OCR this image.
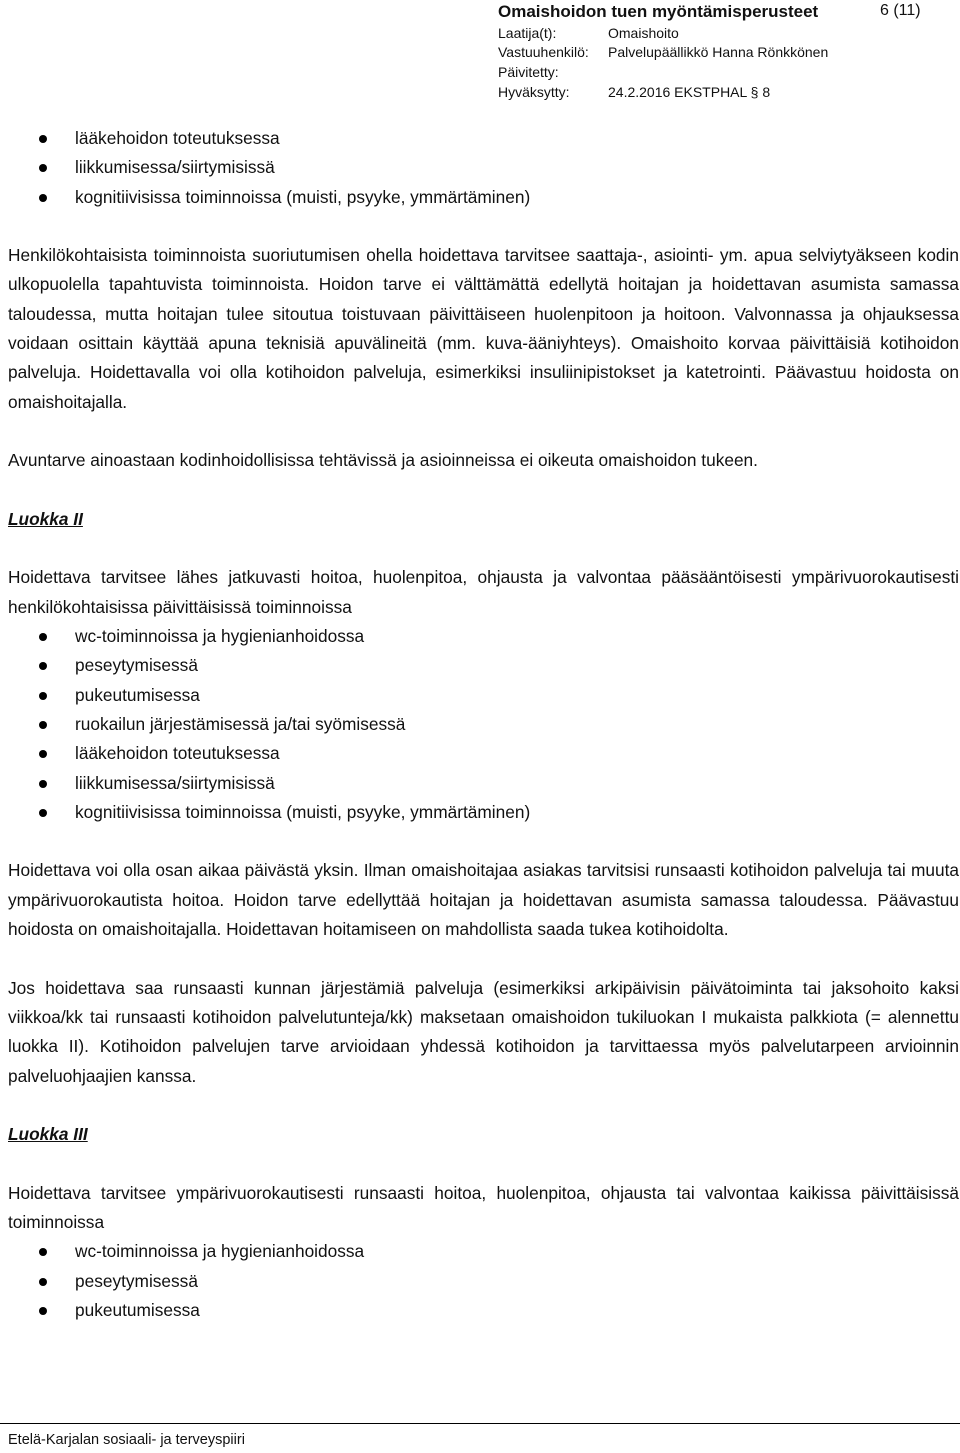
Omaishoidon tuen myöntämisperusteet	6 (11)
Laatija(t):	Omaishoito
Vastuuhenkilö: Palvelupäällikkö Hanna Rönkkönen
Päivitetty:
Hyväksytty:	24.2.2016 EKSTPHAL § 8
lääkehoidon toteutuksessa
liikkumisessa/siirtymisissä
kognitiivisissa toiminnoissa (muisti, psyyke, ymmärtäminen)

Henkilökohtaisista toiminnoista suoriutumisen ohella hoidettava tarvitsee saattaja-, asiointi- ym. apua selviytyäkseen kodin ulkopuolella tapahtuvista toiminnoista. Hoidon tarve ei välttämättä edellytä hoitajan ja hoidettavan asumista samassa taloudessa, mutta hoitajan tulee sitoutua toistuvaan päivittäiseen huolenpitoon ja hoitoon. Valvonnassa ja ohjauksessa voidaan osittain käyttää apuna teknisiä apuvälineitä (mm. kuva-ääniyhteys). Omaishoito korvaa päivittäisiä kotihoidon palveluja. Hoidettavalla voi olla kotihoidon palveluja, esimerkiksi insuliinipistokset ja katetrointi. Päävastuu hoidosta on omaishoitajalla.

Avuntarve ainoastaan kodinhoidollisissa tehtävissä ja asioinneissa ei oikeuta omaishoidon tukeen.

Luokka II

Hoidettava tarvitsee lähes jatkuvasti hoitoa, huolenpitoa, ohjausta ja valvontaa pääsääntöisesti ympärivuorokautisesti henkilökohtaisissa päivittäisissä toiminnoissa

wc-toiminnoissa ja hygienianhoidossa
peseytymisessä
pukeutumisessa
ruokailun järjestämisessä ja/tai syömisessä
lääkehoidon toteutuksessa
liikkumisessa/siirtymisissä
kognitiivisissa toiminnoissa (muisti, psyyke, ymmärtäminen)

Hoidettava voi olla osan aikaa päivästä yksin. Ilman omaishoitajaa asiakas tarvitsisi runsaasti kotihoidon palveluja tai muuta ympärivuorokautista hoitoa. Hoidon tarve edellyttää hoitajan ja hoidettavan asumista samassa taloudessa. Päävastuu hoidosta on omaishoitajalla. Hoidettavan hoitamiseen on mahdollista saada tukea kotihoidolta.

Jos hoidettava saa runsaasti kunnan järjestämiä palveluja (esimerkiksi arkipäivisin päivätoiminta tai jaksohoito kaksi viikkoa/kk tai runsaasti kotihoidon palvelutunteja/kk) maksetaan omaishoidon tukiluokan I mukaista palkkiota (= alennettu luokka II). Kotihoidon palvelujen tarve arvioidaan yhdessä kotihoidon ja tarvittaessa myös palvelutarpeen arvioinnin palveluohjaajien kanssa.

Luokka III

Hoidettava tarvitsee ympärivuorokautisesti runsaasti hoitoa, huolenpitoa, ohjausta tai valvontaa kaikissa päivittäisissä toiminnoissa

wc-toiminnoissa ja hygienianhoidossa
peseytymisessä
pukeutumisessa
Etelä-Karjalan sosiaali- ja terveyspiiri
